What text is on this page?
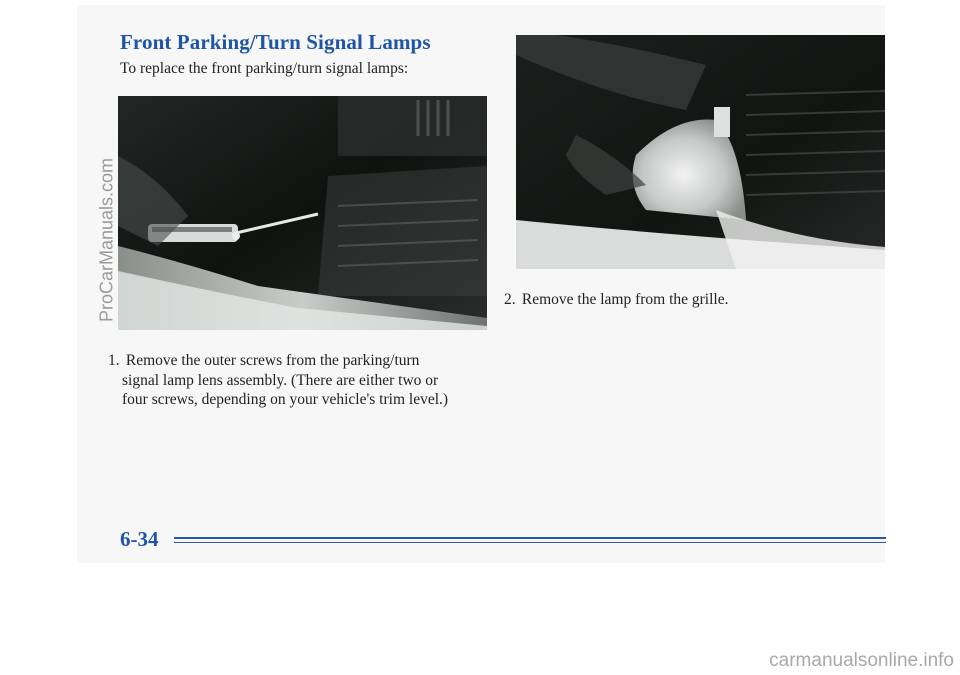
Front Parking/Turn Signal Lamps
To replace the front parking/turn signal lamps:
1. Remove the outer screws from the parking/turn
signal lamp lens assembly. (There are either two or
four screws, depending on your vehicle's trim level.)
2. Remove the lamp from the grille.
6-34
ProCarManuals.com
carmanualsonline.info
